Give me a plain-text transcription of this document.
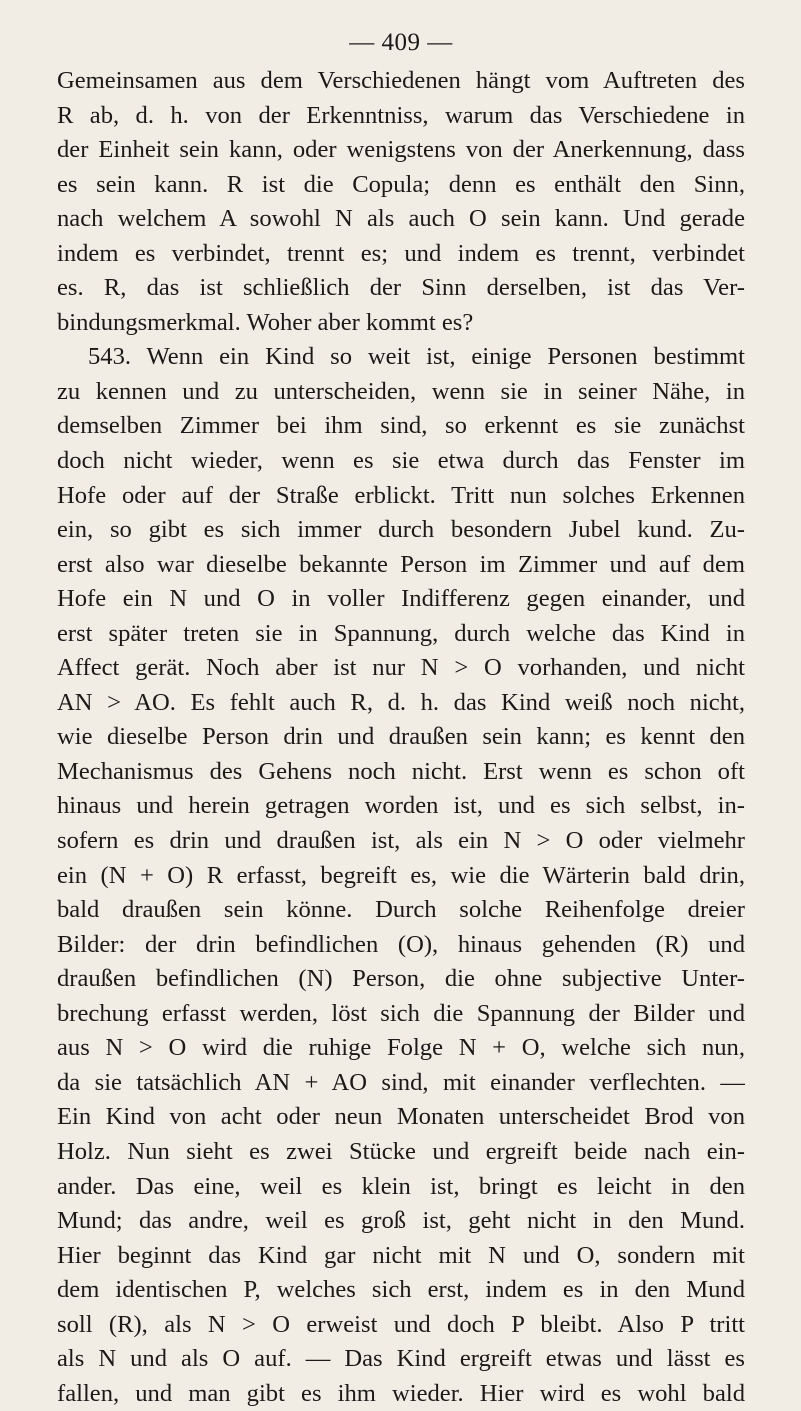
— 409 —
Gemeinsamen aus dem Verschiedenen hängt vom Auftreten des
R ab, d. h. von der Erkenntniss, warum das Verschiedene in
der Einheit sein kann, oder wenigstens von der Anerkennung, dass
es sein kann. R ist die Copula; denn es enthält den Sinn,
nach welchem A sowohl N als auch O sein kann. Und gerade
indem es verbindet, trennt es; und indem es trennt, verbindet
es. R, das ist schließlich der Sinn derselben, ist das Ver-
bindungsmerkmal. Woher aber kommt es?
543. Wenn ein Kind so weit ist, einige Personen bestimmt
zu kennen und zu unterscheiden, wenn sie in seiner Nähe, in
demselben Zimmer bei ihm sind, so erkennt es sie zunächst
doch nicht wieder, wenn es sie etwa durch das Fenster im
Hofe oder auf der Straße erblickt. Tritt nun solches Erkennen
ein, so gibt es sich immer durch besondern Jubel kund. Zu-
erst also war dieselbe bekannte Person im Zimmer und auf dem
Hofe ein N und O in voller Indifferenz gegen einander, und
erst später treten sie in Spannung, durch welche das Kind in
Affect gerät. Noch aber ist nur N > O vorhanden, und nicht
AN > AO. Es fehlt auch R, d. h. das Kind weiß noch nicht,
wie dieselbe Person drin und draußen sein kann; es kennt den
Mechanismus des Gehens noch nicht. Erst wenn es schon oft
hinaus und herein getragen worden ist, und es sich selbst, in-
sofern es drin und draußen ist, als ein N > O oder vielmehr
ein (N + O) R erfasst, begreift es, wie die Wärterin bald drin,
bald draußen sein könne. Durch solche Reihenfolge dreier
Bilder: der drin befindlichen (O), hinaus gehenden (R) und
draußen befindlichen (N) Person, die ohne subjective Unter-
brechung erfasst werden, löst sich die Spannung der Bilder und
aus N > O wird die ruhige Folge N + O, welche sich nun,
da sie tatsächlich AN + AO sind, mit einander verflechten. —
Ein Kind von acht oder neun Monaten unterscheidet Brod von
Holz. Nun sieht es zwei Stücke und ergreift beide nach ein-
ander. Das eine, weil es klein ist, bringt es leicht in den
Mund; das andre, weil es groß ist, geht nicht in den Mund.
Hier beginnt das Kind gar nicht mit N und O, sondern mit
dem identischen P, welches sich erst, indem es in den Mund
soll (R), als N > O erweist und doch P bleibt. Also P tritt
als N und als O auf. — Das Kind ergreift etwas und lässt es
fallen, und man gibt es ihm wieder. Hier wird es wohl bald
